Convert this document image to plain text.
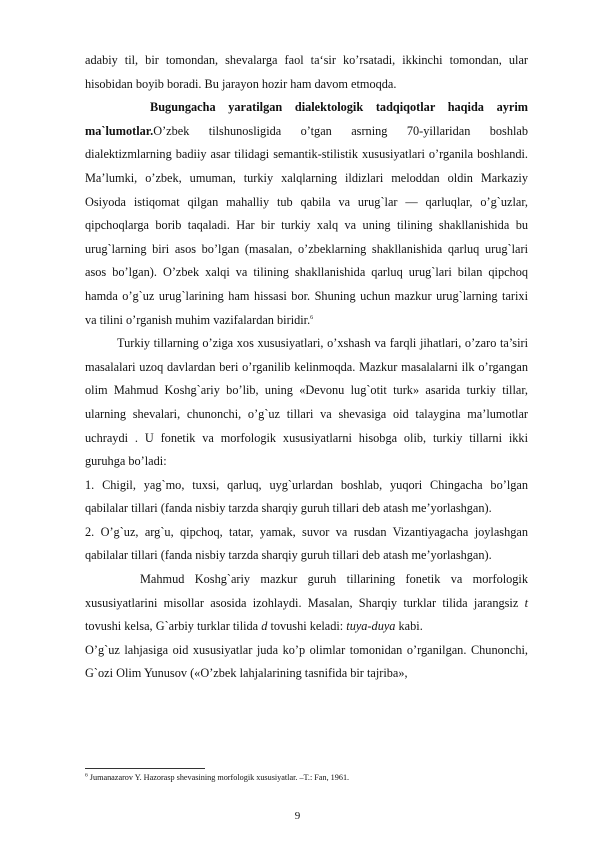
adabiy til, bir tomondan, shevalarga faol ta‘sir ko’rsatadi, ikkinchi tomondan, ular hisobidan boyib boradi. Bu jarayon hozir ham davom etmoqda.

Bugungacha yaratilgan dialektologik tadqiqotlar haqida ayrim ma`lumotlar.O’zbek tilshunosligida o’tgan asrning 70-yillaridan boshlab dialektizmlarning badiiy asar tilidagi semantik-stilistik xususiyatlari o’rganila boshlandi. Ma’lumki, o’zbek, umuman, turkiy xalqlarning ildizlari meloddan oldin Markaziy Osiyoda istiqomat qilgan mahalliy tub qabila va urug`lar — qarluqlar, o’g`uzlar, qipchoqlarga borib taqaladi. Har bir turkiy xalq va uning tilining shakllanishida bu urug`larning biri asos bo’lgan (masalan, o’zbeklarning shakllanishida qarluq urug`lari asos bo’lgan). O’zbek xalqi va tilining shakllanishida qarluq urug`lari bilan qipchoq hamda o’g`uz urug`larining ham hissasi bor. Shuning uchun mazkur urug`larning tarixi va tilini o’rganish muhim vazifalardan biridir.$^6$

Turkiy tillarning o’ziga xos xususiyatlari, o’xshash va farqli jihatlari, o’zaro ta’siri masalalari uzoq davlardan beri o’rganilib kelinmoqda. Mazkur masalalarni ilk o’rgangan olim Mahmud Koshg`ariy bo’lib, uning «Devonu lug`otit turk» asarida turkiy tillar, ularning shevalari, chunonchi, o’g`uz tillari va shevasiga oid talaygina ma’lumotlar uchraydi . U fonetik va morfologik xususiyatlarni hisobga olib, turkiy tillarni ikki guruhga bo’ladi:

1. Chigil, yag`mo, tuxsi, qarluq, uyg`urlardan boshlab, yuqori Chingacha bo’lgan qabilalar tillari (fanda nisbiy tarzda sharqiy guruh tillari deb atash me’yorlashgan).

2. O’g`uz, arg`u, qipchoq, tatar, yamak, suvor va rusdan Vizantiyagacha joylashgan qabilalar tillari (fanda nisbiy tarzda sharqiy guruh tillari deb atash me’yorlashgan).

Mahmud Koshg`ariy mazkur guruh tillarining fonetik va morfologik xususiyatlarini misollar asosida izohlaydi. Masalan, Sharqiy turklar tilida jarangsiz t tovushi kelsa, G`arbiy turklar tilida d tovushi keladi: tuya-duya kabi.

O’g`uz lahjasiga oid xususiyatlar juda ko’p olimlar tomonidan o’rganilgan. Chunonchi, G`ozi Olim Yunusov («O’zbek lahjalarining tasnifida bir tajriba»,

$^6$ Jumanazarov Y. Hazorasp shevasining morfologik xususiyatlar. –T.: Fan, 1961.
9
